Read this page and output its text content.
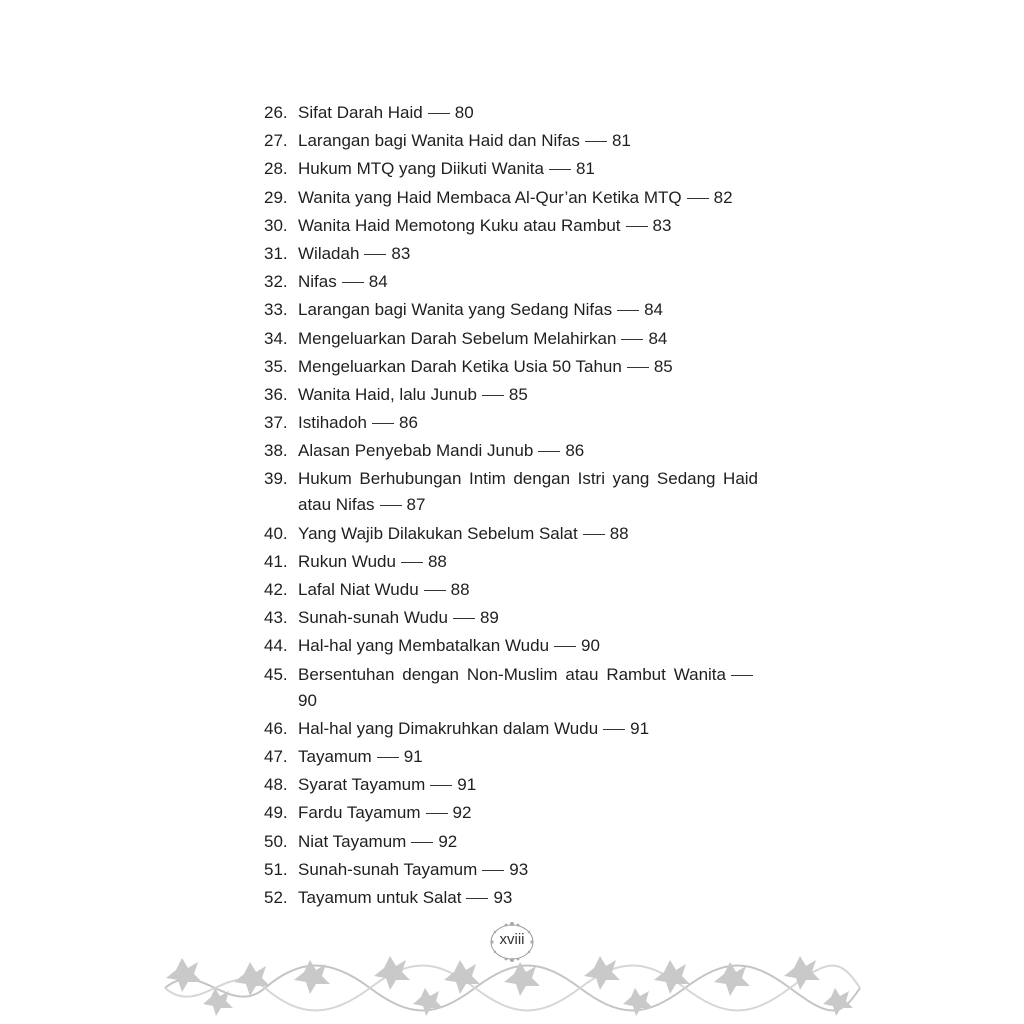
26. Sifat Darah Haid 80
27. Larangan bagi Wanita Haid dan Nifas 81
28. Hukum MTQ yang Diikuti Wanita 81
29. Wanita yang Haid Membaca Al-Qur’an Ketika MTQ 82
30. Wanita Haid Memotong Kuku atau Rambut 83
31. Wiladah 83
32. Nifas 84
33. Larangan bagi Wanita yang Sedang Nifas 84
34. Mengeluarkan Darah Sebelum Melahirkan 84
35. Mengeluarkan Darah Ketika Usia 50 Tahun 85
36. Wanita Haid, lalu Junub 85
37. Istihadoh 86
38. Alasan Penyebab Mandi Junub 86
39. Hukum Berhubungan Intim dengan Istri yang Sedang Haid atau Nifas 87
40. Yang Wajib Dilakukan Sebelum Salat 88
41. Rukun Wudu 88
42. Lafal Niat Wudu 88
43. Sunah-sunah Wudu 89
44. Hal-hal yang Membatalkan Wudu 90
45. Bersentuhan dengan Non-Muslim atau Rambut Wanita90
46. Hal-hal yang Dimakruhkan dalam Wudu 91
47. Tayamum 91
48. Syarat Tayamum 91
49. Fardu Tayamum 92
50. Niat Tayamum 92
51. Sunah-sunah Tayamum 93
52. Tayamum untuk Salat 93
xviii
